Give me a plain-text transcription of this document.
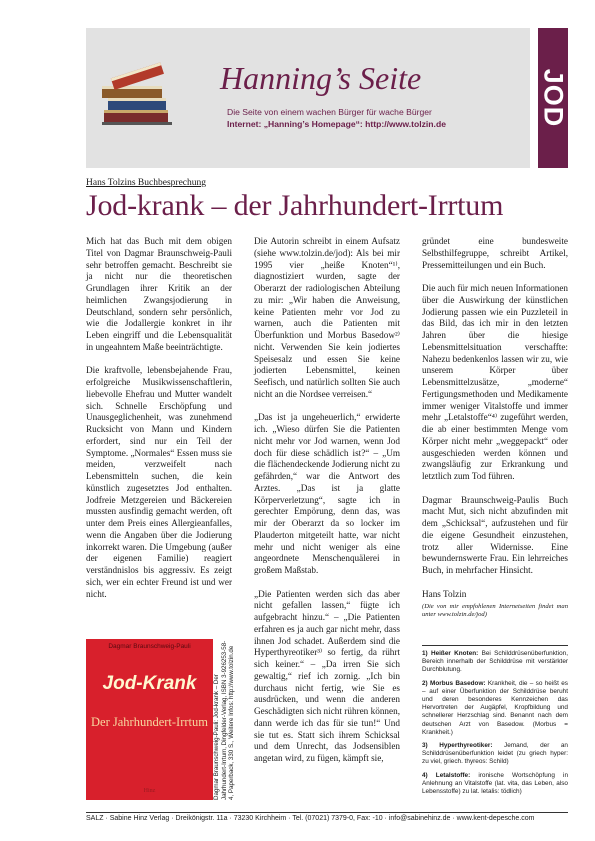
Hanning’s Seite
Die Seite von einem wachen Bürger für wache Bürger
Internet: „Hanning’s Homepage“: http://www.tolzin.de	JOD
Hans Tolzins Buchbesprechung
Jod-krank – der Jahrhundert-Irrtum

Mich hat das Buch mit dem obigen Titel von Dagmar Braunschweig-Pauli sehr betroffen gemacht. Beschreibt sie ja nicht nur die theoretischen Grundlagen ihrer Kritik an der heimlichen Zwangsjodierung in Deutschland, sondern sehr persönlich, wie die Jodallergie konkret in ihr Leben eingriff und die Lebensqualität in ungeahntem Maße beeinträchtigte.

Die kraftvolle, lebensbejahende Frau, erfolgreiche Musikwissenschaftlerin, liebevolle Ehefrau und Mutter wandelt sich. Schnelle Erschöpfung und Unausgeglichenheit, was zunehmend Rucksicht von Mann und Kindern erfordert, sind nur ein Teil der Symptome. „Normales“ Essen muss sie meiden, verzweifelt nach Lebensmitteln suchen, die kein künstlich zugesetztes Jod enthalten. Jodfreie Metzgereien und Bäckereien mussten ausfindig gemacht werden, oft unter dem Preis eines Allergieanfalles, wenn die Angaben über die Jodierung inkorrekt waren. Die Umgebung (außer der eigenen Familie) reagiert verständnislos bis aggressiv. Es zeigt sich, wer ein echter Freund ist und wer nicht.

Die Autorin schreibt in einem Aufsatz (siehe www.tolzin.de/jod): Als bei mir 1995 vier „heiße Knoten“¹⁾, diagnostiziert wurden, sagte der Oberarzt der radiologischen Abteilung zu mir: „Wir haben die Anweisung, keine Patienten mehr vor Jod zu warnen, auch die Patienten mit Überfunktion und Morbus Basedow²⁾ nicht. Verwenden Sie kein jodiertes Speisesalz und essen Sie keine jodierten Lebensmittel, keinen Seefisch, und natürlich sollten Sie auch nicht an die Nordsee verreisen.“

„Das ist ja ungeheuerlich,“ erwiderte ich. „Wieso dürfen Sie die Patienten nicht mehr vor Jod warnen, wenn Jod doch für diese schädlich ist?“ – „Um die flächendeckende Jodierung nicht zu gefährden,“ war die Antwort des Arztes. „Das ist ja glatte Körperverletzung“, sagte ich in gerechter Empörung, denn das, was mir der Oberarzt da so locker im Plauderton mitgeteilt hatte, war nicht mehr und nicht weniger als eine angeordnete Menschenquälerei in großem Maßstab.

„Die Patienten werden sich das aber nicht gefallen lassen,“ fügte ich aufgebracht hinzu.“ – „Die Patienten erfahren es ja auch gar nicht mehr, dass ihnen Jod schadet. Außerdem sind die Hyperthyreotiker³⁾ so fertig, da rührt sich keiner.“ – „Da irren Sie sich gewaltig,“ rief ich zornig. „Ich bin durchaus nicht fertig, wie Sie es ausdrücken, und wenn die anderen Geschädigten sich nicht rühren können, dann werde ich das für sie tun!“ Und sie tut es. Statt sich ihrem Schicksal und dem Unrecht, das Jodsensiblen angetan wird, zu fügen, kämpft sie,

gründet eine bundesweite Selbsthilfegruppe, schreibt Artikel, Pressemitteilungen und ein Buch.

Die auch für mich neuen Informationen über die Auswirkung der künstlichen Jodierung passen wie ein Puzzleteil in das Bild, das ich mir in den letzten Jahren über die hiesige Lebensmittelsituation verschaffte: Nahezu bedenkenlos lassen wir zu, wie unserem Körper über Lebensmittelzusätze, „moderne“ Fertigungsmethoden und Medikamente immer weniger Vitalstoffe und immer mehr „Letalstoffe“⁴⁾ zugeführt werden, die ab einer bestimmten Menge vom Körper nicht mehr „weggepackt“ oder ausgeschieden werden können und zwangsläufig zur Erkrankung und letztlich zum Tod führen.

Dagmar Braunschweig-Paulis Buch macht Mut, sich nicht abzufinden mit dem „Schicksal“, aufzustehen und für die eigene Gesundheit einzustehen, trotz aller Widernisse. Eine bewundernswerte Frau. Ein lehrreiches Buch, in mehrfacher Hinsicht.

Hans Tolzin
(Die von mir empfohlenen Internetseiten findet man unter www.tolzin.de/jod)

1) Heißer Knoten: Bei Schilddrüsenüberfunktion, Bereich innerhalb der Schilddrüse mit verstärkter Durchblutung.

2) Morbus Basedow: Krankheit, die – so heißt es – auf einer Überfunktion der Schilddrüse beruht und deren besonderes Kennzeichen das Hervortreten der Augäpfel, Kropfbildung und schnellerer Herzschlag sind. Benannt nach dem deutschen Arzt von Basedow. (Morbus = Krankheit.)

3) Hyperthyreotiker: Jemand, der an Schilddrüsenüberfunktion leidet (zu griech hyper: zu viel, griech. thyreos: Schild)

4) Letalstoffe: ironische Wortschöpfung in Anlehnung an Vitalstoffe (lat. vita, das Leben, also Lebensstoffe) zu lat. letalis: tödlich)

Dagmar Braunschweig-Pauli
Jod-Krank
Der Jahrhundert-Irrtum
Hinz	Dagmar Braunschweig-Pauli: Jod-krank – Der Jahrhundert-Irrtum, Dingfelder-Verlag, ISBN 3-926253-58-4, Paperback, 330 S., Weitere Infos: http://www.tolzin.de
SALZ · Sabine Hinz Verlag · Dreikönigstr. 11a · 73230 Kirchheim · Tel. (07021) 7379-0, Fax: -10 · info@sabinehinz.de · www.kent-depesche.com
